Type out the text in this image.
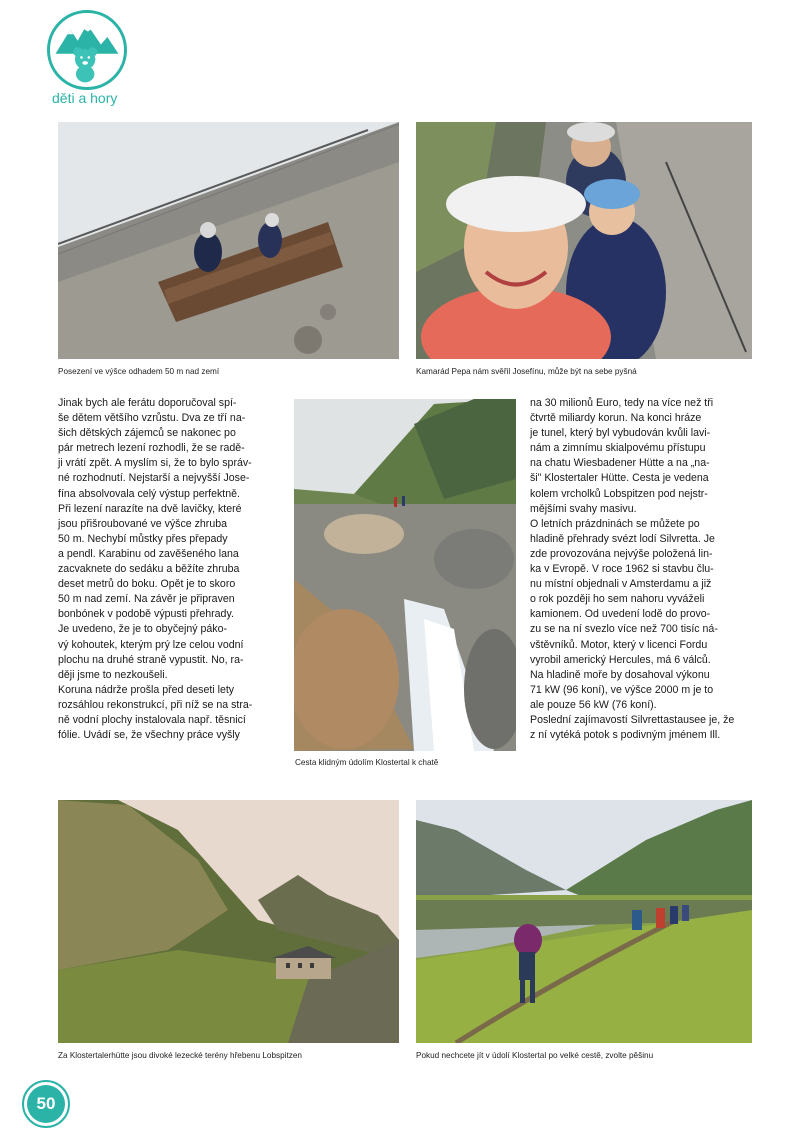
děti a hory
Posezení ve výšce odhadem 50 m nad zemí	Kamarád Pepa nám svěřil Josefínu, může být na sebe pyšná

Jinak bych ale ferátu doporučoval spí-

še dětem většího vzrůstu. Dva ze tří na-

šich dětských zájemců se nakonec po

pár metrech lezení rozhodli, že se radě-

ji vrátí zpět. A myslím si, že to bylo správ-

né rozhodnutí. Nejstarší a nejvyšší Jose-

fína absolvovala celý výstup perfektně.

Při lezení narazíte na dvě lavičky, které

jsou přišroubované ve výšce zhruba

50 m. Nechybí můstky přes přepady

a pendl. Karabinu od zavěšeného lana

zacvaknete do sedáku a běžíte zhruba

deset metrů do boku. Opět je to skoro

50 m nad zemí. Na závěr je připraven

bonbónek v podobě výpusti přehrady.

Je uvedeno, že je to obyčejný páko-

vý kohoutek, kterým prý lze celou vodní

plochu na druhé straně vypustit. No, ra-

ději jsme to nezkoušeli.

Koruna nádrže prošla před deseti lety

rozsáhlou rekonstrukcí, při níž se na stra-

ně vodní plochy instalovala např. těsnicí

fólie. Uvádí se, že všechny práce vyšly

Cesta klidným údolím Klostertal k chatě

na 30 milionů Euro, tedy na více než tři

čtvrtě miliardy korun. Na konci hráze

je tunel, který byl vybudován kvůli lavi-

nám a zimnímu skialpovému přístupu

na chatu Wiesbadener Hütte a na „na-

ši" Klostertaler Hütte. Cesta je vedena

kolem vrcholků Lobspitzen pod nejstr-

mějšími svahy masivu.

O letních prázdninách se můžete po

hladině přehrady svézt lodí Silvretta. Je

zde provozována nejvýše položená lin-

ka v Evropě. V roce 1962 si stavbu člu-

nu místní objednali v Amsterdamu a již

o rok později ho sem nahoru vyváželi

kamionem. Od uvedení lodě do provo-

zu se na ní svezlo více než 700 tisíc ná-

vštěvníků. Motor, který v licenci Fordu

vyrobil americký Hercules, má 6 válců.

Na hladině moře by dosahoval výkonu

71 kW (96 koní), ve výšce 2000 m je to

ale pouze 56 kW (76 koní).

Poslední zajímavostí Silvrettastausee je, že

z ní vytéká potok s podivným jménem Ill.

Za Klostertalerhütte jsou divoké lezecké terény hřebenu Lobspitzen	Pokud nechcete jít v údolí Klostertal po velké cestě, zvolte pěšinu
50
